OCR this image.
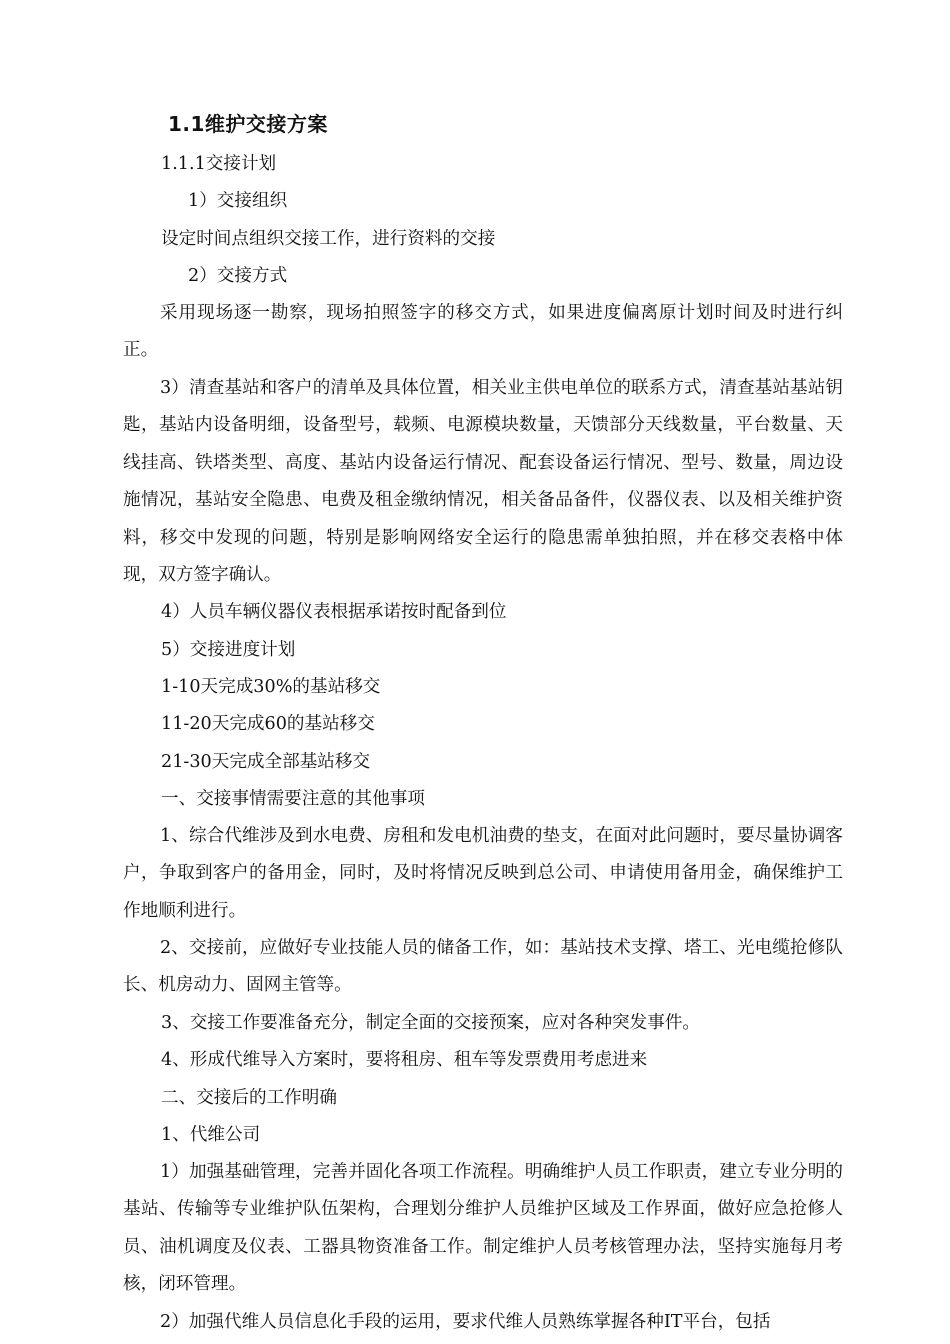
1.1维护交接方案
1.1.1交接计划
1）交接组织
设定时间点组织交接工作，进行资料的交接
2）交接方式
采用现场逐一勘察，现场拍照签字的移交方式，如果进度偏离原计划时间及时进行纠正。
3）清查基站和客户的清单及具体位置，相关业主供电单位的联系方式，清查基站基站钥匙，基站内设备明细，设备型号，载频、电源模块数量，天馈部分天线数量，平台数量、天线挂高、铁塔类型、高度、基站内设备运行情况、配套设备运行情况、型号、数量，周边设施情况，基站安全隐患、电费及租金缴纳情况，相关备品备件，仪器仪表、以及相关维护资料，移交中发现的问题，特别是影响网络安全运行的隐患需单独拍照，并在移交表格中体现，双方签字确认。
4）人员车辆仪器仪表根据承诺按时配备到位
5）交接进度计划
1-10天完成30%的基站移交
11-20天完成60的基站移交
21-30天完成全部基站移交
一、交接事情需要注意的其他事项
1、综合代维涉及到水电费、房租和发电机油费的垫支，在面对此问题时，要尽量协调客户，争取到客户的备用金，同时，及时将情况反映到总公司、申请使用备用金，确保维护工作地顺利进行。
2、交接前，应做好专业技能人员的储备工作，如：基站技术支撑、塔工、光电缆抢修队长、机房动力、固网主管等。
3、交接工作要准备充分，制定全面的交接预案，应对各种突发事件。
4、形成代维导入方案时，要将租房、租车等发票费用考虑进来
二、交接后的工作明确
1、代维公司
1）加强基础管理，完善并固化各项工作流程。明确维护人员工作职责，建立专业分明的基站、传输等专业维护队伍架构，合理划分维护人员维护区域及工作界面，做好应急抢修人员、油机调度及仪表、工器具物资准备工作。制定维护人员考核管理办法，坚持实施每月考核，闭环管理。
2）加强代维人员信息化手段的运用，要求代维人员熟练掌握各种IT平台，包括
